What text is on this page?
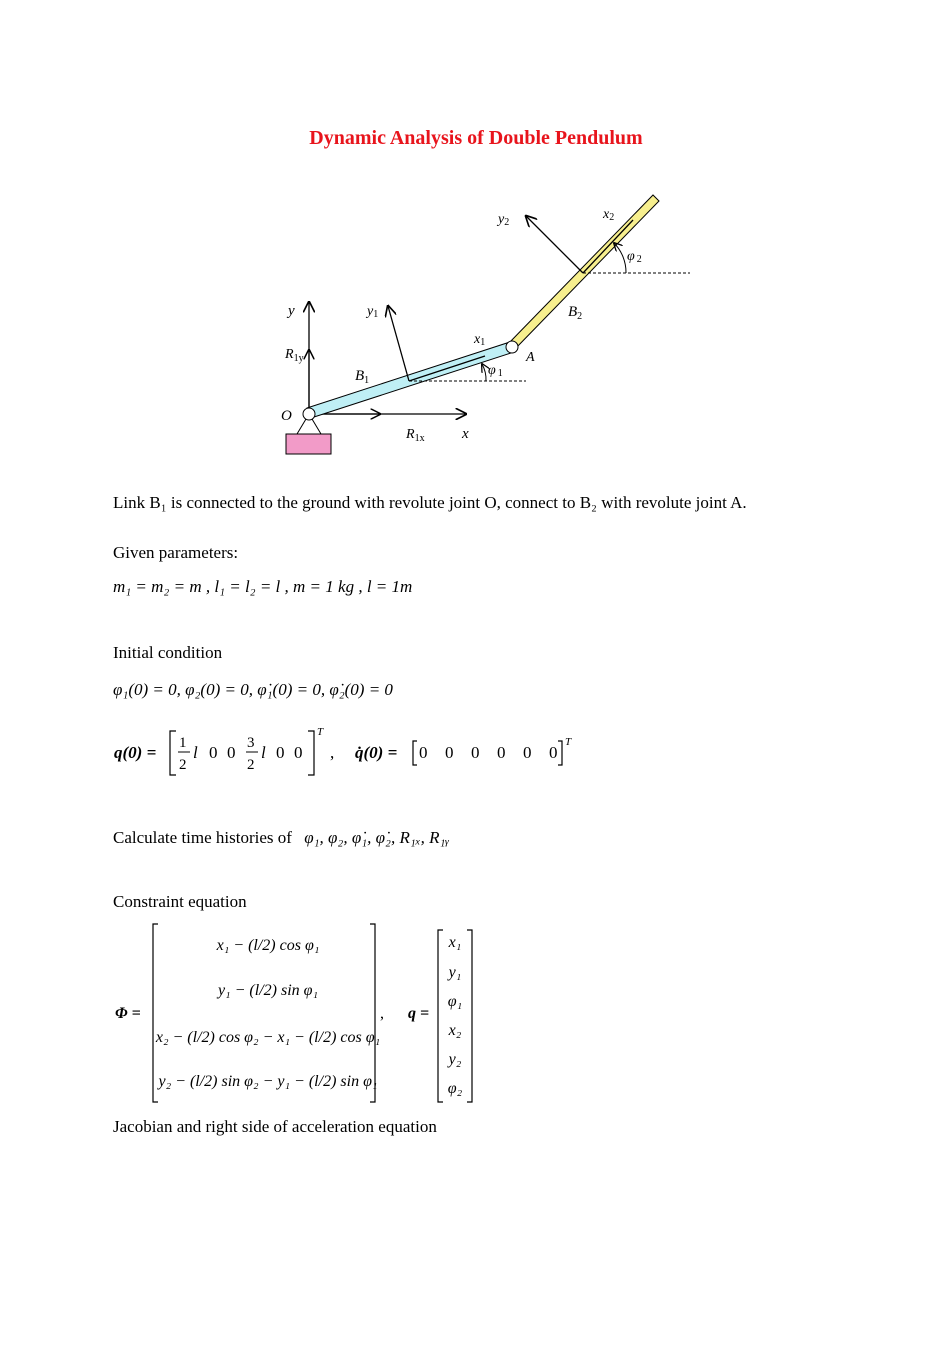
Dynamic Analysis of Double Pendulum
y
x
O
A
$B_1$
$B_2$
y1
x1
y2
x2
φ 1
φ 2
$R_{1y}$
$R_{1x}$
Link B₁ is connected to the ground with revolute joint O, connect to B₂ with revolute joint A.
Given parameters:
m₁ = m₂ = m , l₁ = l₂ = l , m = 1 kg , l = 1m
Initial condition
φ₁(0) = 0, φ₂(0) = 0, φ̇₁(0) = 0, φ̇₂(0) = 0
q(0) = 1
2
l 0 0 3
2
l 0 0
T
, q̇(0) = 0 0 0 0 0 0
T
Calculate time histories of φ₁, φ₂, φ̇₁, φ̇₂, R₁ₓ, R₁ᵧ
Constraint equation
Φ =
x₁ − (l/2) cos φ₁
y₁ − (l/2) sin φ₁
x₂ − (l/2) cos φ₂ − x₁ − (l/2) cos φ₁
y₂ − (l/2) sin φ₂ − y₁ − (l/2) sin φ₁
, q =
x₁
y₁
φ₁
x₂
y₂
φ₂
Jacobian and right side of acceleration equation
